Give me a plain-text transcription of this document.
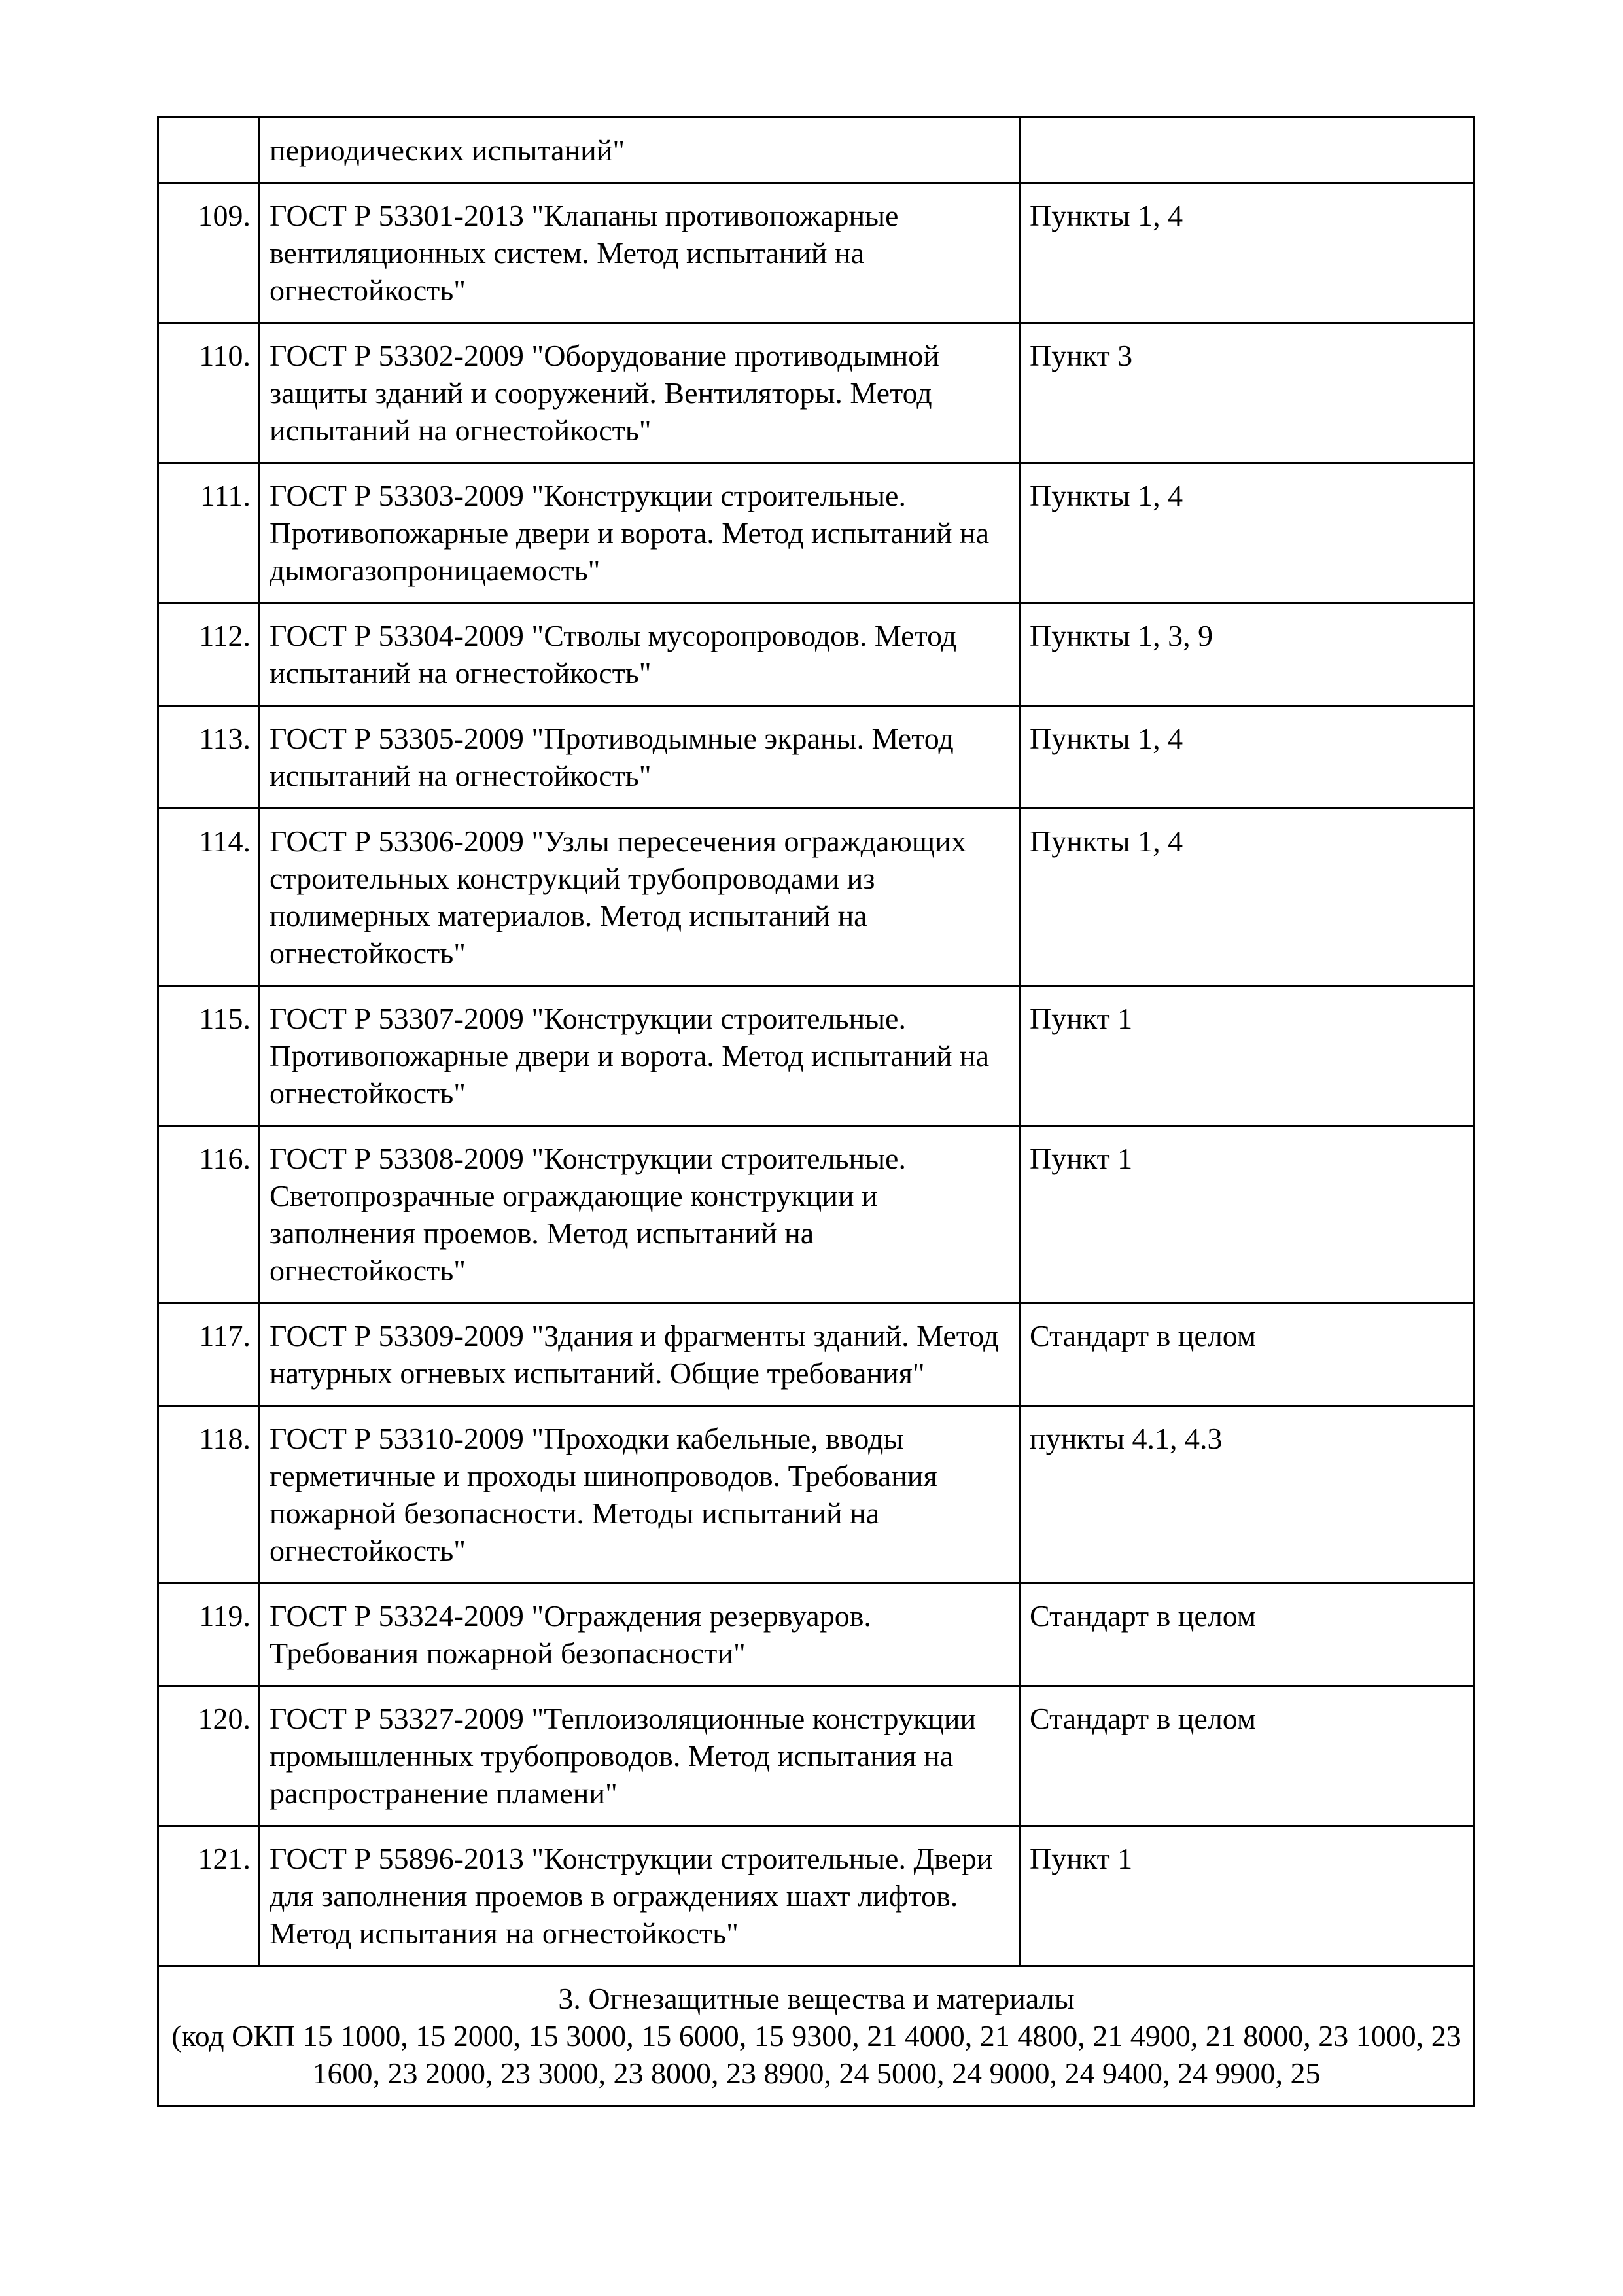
	периодических испытаний"	
109.	ГОСТ Р 53301-2013 "Клапаны противопожарные вентиляционных систем. Метод испытаний на огнестойкость"	Пункты 1, 4
110.	ГОСТ Р 53302-2009 "Оборудование противодымной защиты зданий и сооружений. Вентиляторы. Метод испытаний на огнестойкость"	Пункт 3
111.	ГОСТ Р 53303-2009 "Конструкции строительные. Противопожарные двери и ворота. Метод испытаний на дымогазопроницаемость"	Пункты 1, 4
112.	ГОСТ Р 53304-2009 "Стволы мусоропроводов. Метод испытаний на огнестойкость"	Пункты 1, 3, 9
113.	ГОСТ Р 53305-2009 "Противодымные экраны. Метод испытаний на огнестойкость"	Пункты 1, 4
114.	ГОСТ Р 53306-2009 "Узлы пересечения ограждающих строительных конструкций трубопроводами из полимерных материалов. Метод испытаний на огнестойкость"	Пункты 1, 4
115.	ГОСТ Р 53307-2009 "Конструкции строительные. Противопожарные двери и ворота. Метод испытаний на огнестойкость"	Пункт 1
116.	ГОСТ Р 53308-2009 "Конструкции строительные. Светопрозрачные ограждающие конструкции и заполнения проемов. Метод испытаний на огнестойкость"	Пункт 1
117.	ГОСТ Р 53309-2009 "Здания и фрагменты зданий. Метод натурных огневых испытаний. Общие требования"	Стандарт в целом
118.	ГОСТ Р 53310-2009 "Проходки кабельные, вводы герметичные и проходы шинопроводов. Требования пожарной безопасности. Методы испытаний на огнестойкость"	пункты 4.1, 4.3
119.	ГОСТ Р 53324-2009 "Ограждения резервуаров. Требования пожарной безопасности"	Стандарт в целом
120.	ГОСТ Р 53327-2009 "Теплоизоляционные конструкции промышленных трубопроводов. Метод испытания на распространение пламени"	Стандарт в целом
121.	ГОСТ Р 55896-2013 "Конструкции строительные. Двери для заполнения проемов в ограждениях шахт лифтов. Метод испытания на огнестойкость"	Пункт 1

3. Огнезащитные вещества и материалы
(код ОКП 15 1000, 15 2000, 15 3000, 15 6000, 15 9300, 21 4000, 21 4800, 21 4900, 21 8000, 23 1000, 23 1600, 23 2000, 23 3000, 23 8000, 23 8900, 24 5000, 24 9000, 24 9400, 24 9900, 25		
